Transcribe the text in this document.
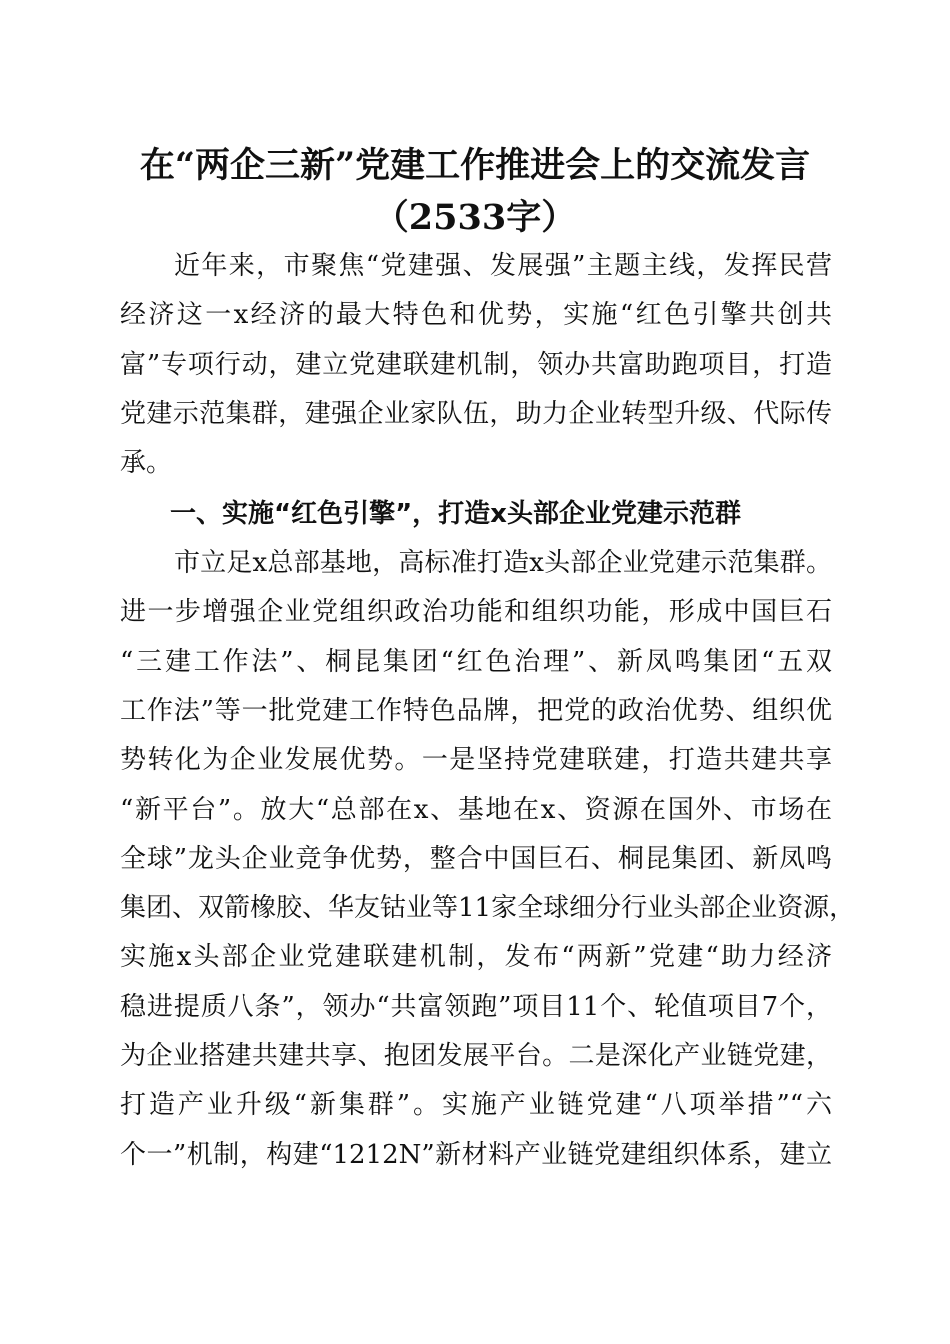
在“两企三新”党建工作推进会上的交流发言
（2533字）
近年来，市聚焦“党建强、发展强”主题主线，发挥民营
经济这一x经济的最大特色和优势，实施“红色引擎共创共
富”专项行动，建立党建联建机制，领办共富助跑项目，打造
党建示范集群，建强企业家队伍，助力企业转型升级、代际传
承。
一、实施“红色引擎”，打造x头部企业党建示范群
市立足x总部基地，高标准打造x头部企业党建示范集群。
进一步增强企业党组织政治功能和组织功能，形成中国巨石
“三建工作法”、桐昆集团“红色治理”、新凤鸣集团“五双
工作法”等一批党建工作特色品牌，把党的政治优势、组织优
势转化为企业发展优势。一是坚持党建联建，打造共建共享
“新平台”。放大“总部在x、基地在x、资源在国外、市场在
全球”龙头企业竞争优势，整合中国巨石、桐昆集团、新凤鸣
集团、双箭橡胶、华友钴业等11家全球细分行业头部企业资源，
实施x头部企业党建联建机制，发布“两新”党建“助力经济
稳进提质八条”，领办“共富领跑”项目11个、轮值项目7个，
为企业搭建共建共享、抱团发展平台。二是深化产业链党建，
打造产业升级“新集群”。实施产业链党建“八项举措”“六
个一”机制，构建“1212N”新材料产业链党建组织体系，建立
